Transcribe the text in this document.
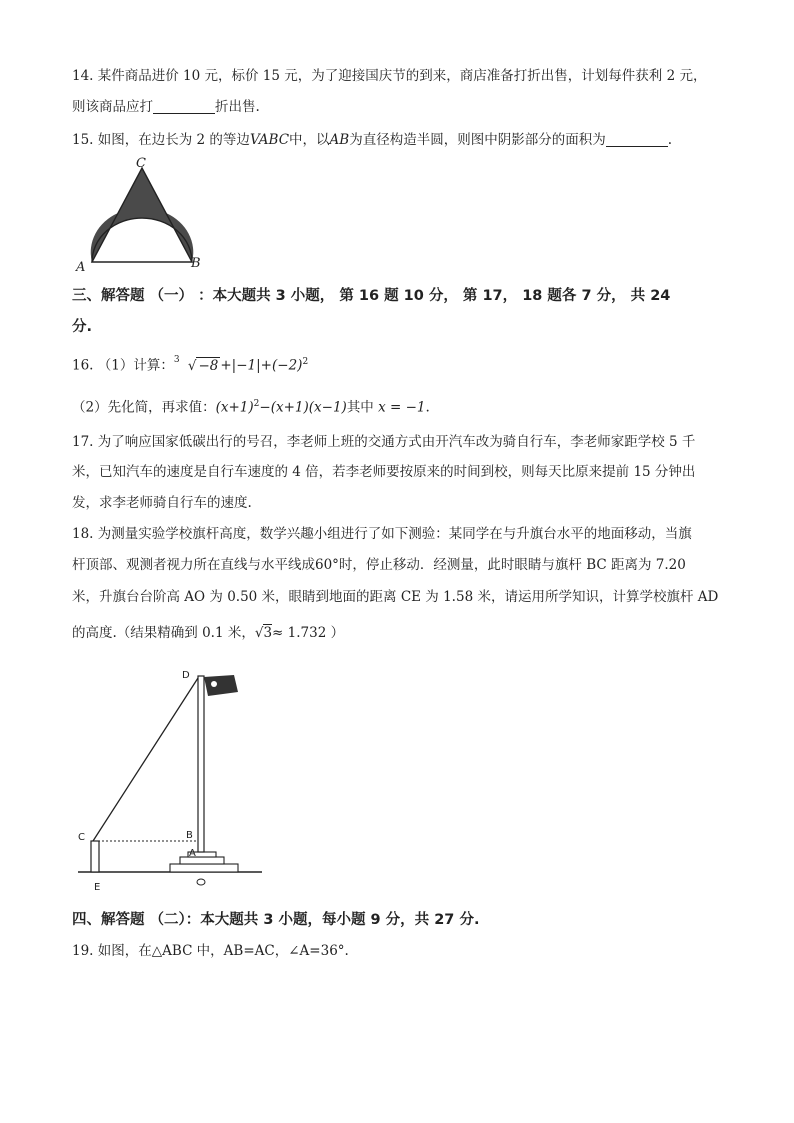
14. 某件商品进价 10 元，标价 15 元，为了迎接国庆节的到来，商店准备打折出售，计划每件获利 2 元，
则该商品应打	折出售.
15. 如图，在边长为 2 的等边VABC中，以AB为直径构造半圆，则图中阴影部分的面积为	.
C
A	B
三、解答题 （一） ：本大题共 3 小题， 第 16 题 10 分， 第 17， 18 题各 7 分， 共 24
分.
16. （1）计算： 3 √ $-8 +|-1|+(-2)^2$
（2）先化简，再求值：$(x+1)^2-(x+1)(x-1)$其中 x = −1.
17. 为了响应国家低碳出行的号召，李老师上班的交通方式由开汽车改为骑自行车，李老师家距学校 5 千
米，已知汽车的速度是自行车速度的 4 倍，若李老师要按原来的时间到校，则每天比原来提前 15 分钟出
发，求李老师骑自行车的速度.
18. 为测量实验学校旗杆高度，数学兴趣小组进行了如下测验：某同学在与升旗台水平的地面移动，当旗
杆顶部、观测者视力所在直线与水平线成60°时，停止移动．经测量，此时眼睛与旗杆 BC 距离为 7.20
米，升旗台台阶高 AO 为 0.50 米，眼睛到地面的距离 CE 为 1.58 米，请运用所学知识，计算学校旗杆 AD
的高度.（结果精确到 0.1 米，√3≈ 1.732 ）
D
C	B
A
E
四、解答题 （二）：本大题共 3 小题，每小题 9 分，共 27 分.
19. 如图，在△ABC 中，AB=AC，∠A=36°.
